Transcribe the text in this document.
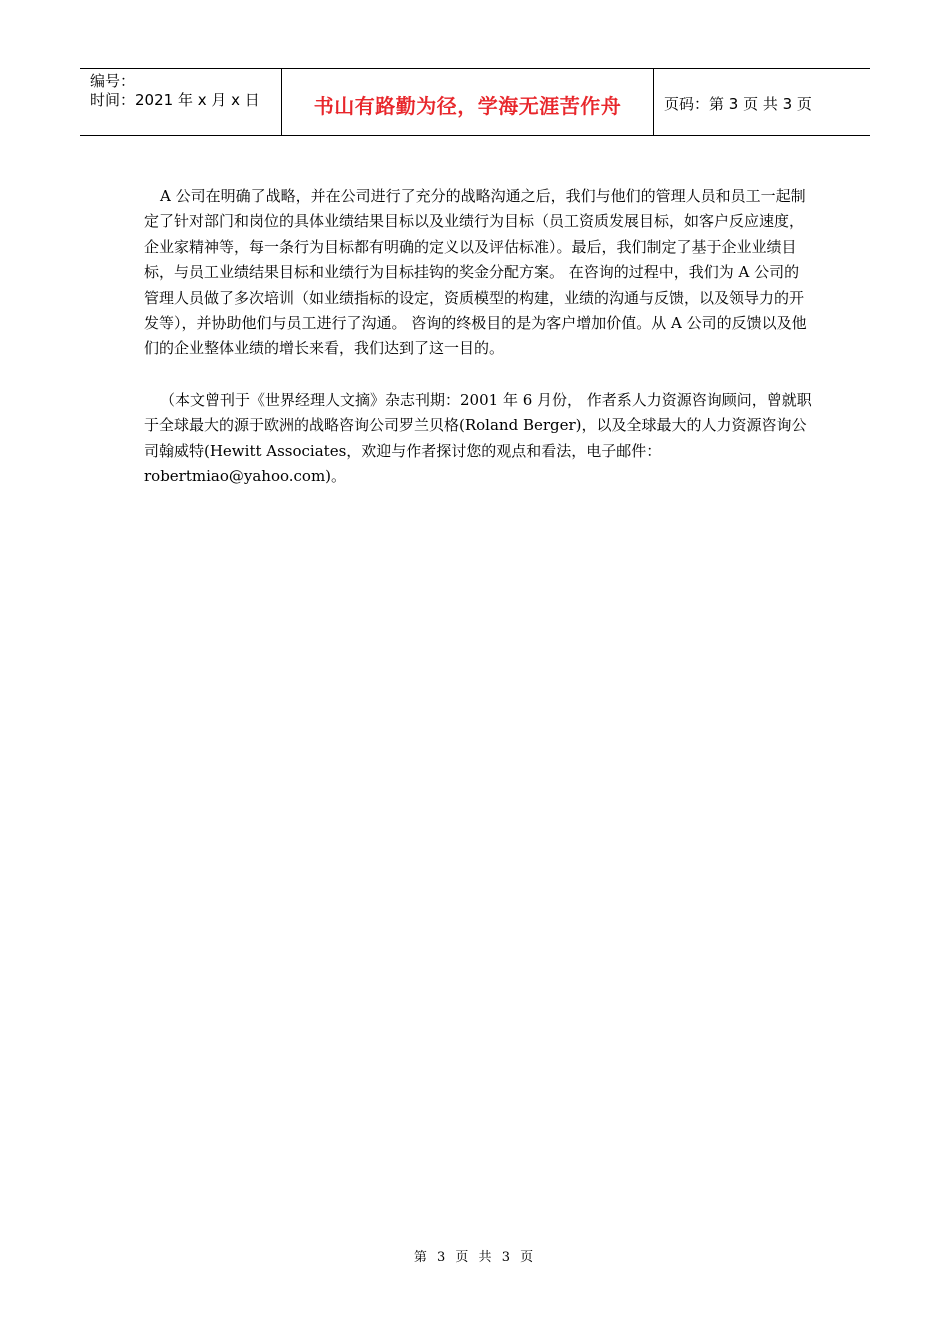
编号：
时间：2021 年 x 月 x 日	书山有路勤为径，学海无涯苦作舟	页码：第 3 页 共 3 页

A 公司在明确了战略，并在公司进行了充分的战略沟通之后，我们与他们的管理人员和员工一起制定了针对部门和岗位的具体业绩结果目标以及业绩行为目标（员工资质发展目标，如客户反应速度，企业家精神等，每一条行为目标都有明确的定义以及评估标准）。最后，我们制定了基于企业业绩目标，与员工业绩结果目标和业绩行为目标挂钩的奖金分配方案。 在咨询的过程中，我们为 A 公司的管理人员做了多次培训（如业绩指标的设定，资质模型的构建，业绩的沟通与反馈，以及领导力的开发等），并协助他们与员工进行了沟通。 咨询的终极目的是为客户增加价值。从 A 公司的反馈以及他们的企业整体业绩的增长来看，我们达到了这一目的。

（本文曾刊于《世界经理人文摘》杂志刊期：2001 年 6 月份， 作者系人力资源咨询顾问，曾就职于全球最大的源于欧洲的战略咨询公司罗兰贝格(Roland Berger)，以及全球最大的人力资源咨询公司翰威特(Hewitt Associates，欢迎与作者探讨您的观点和看法，电子邮件：robertmiao@yahoo.com)。

第 3 页 共 3 页
